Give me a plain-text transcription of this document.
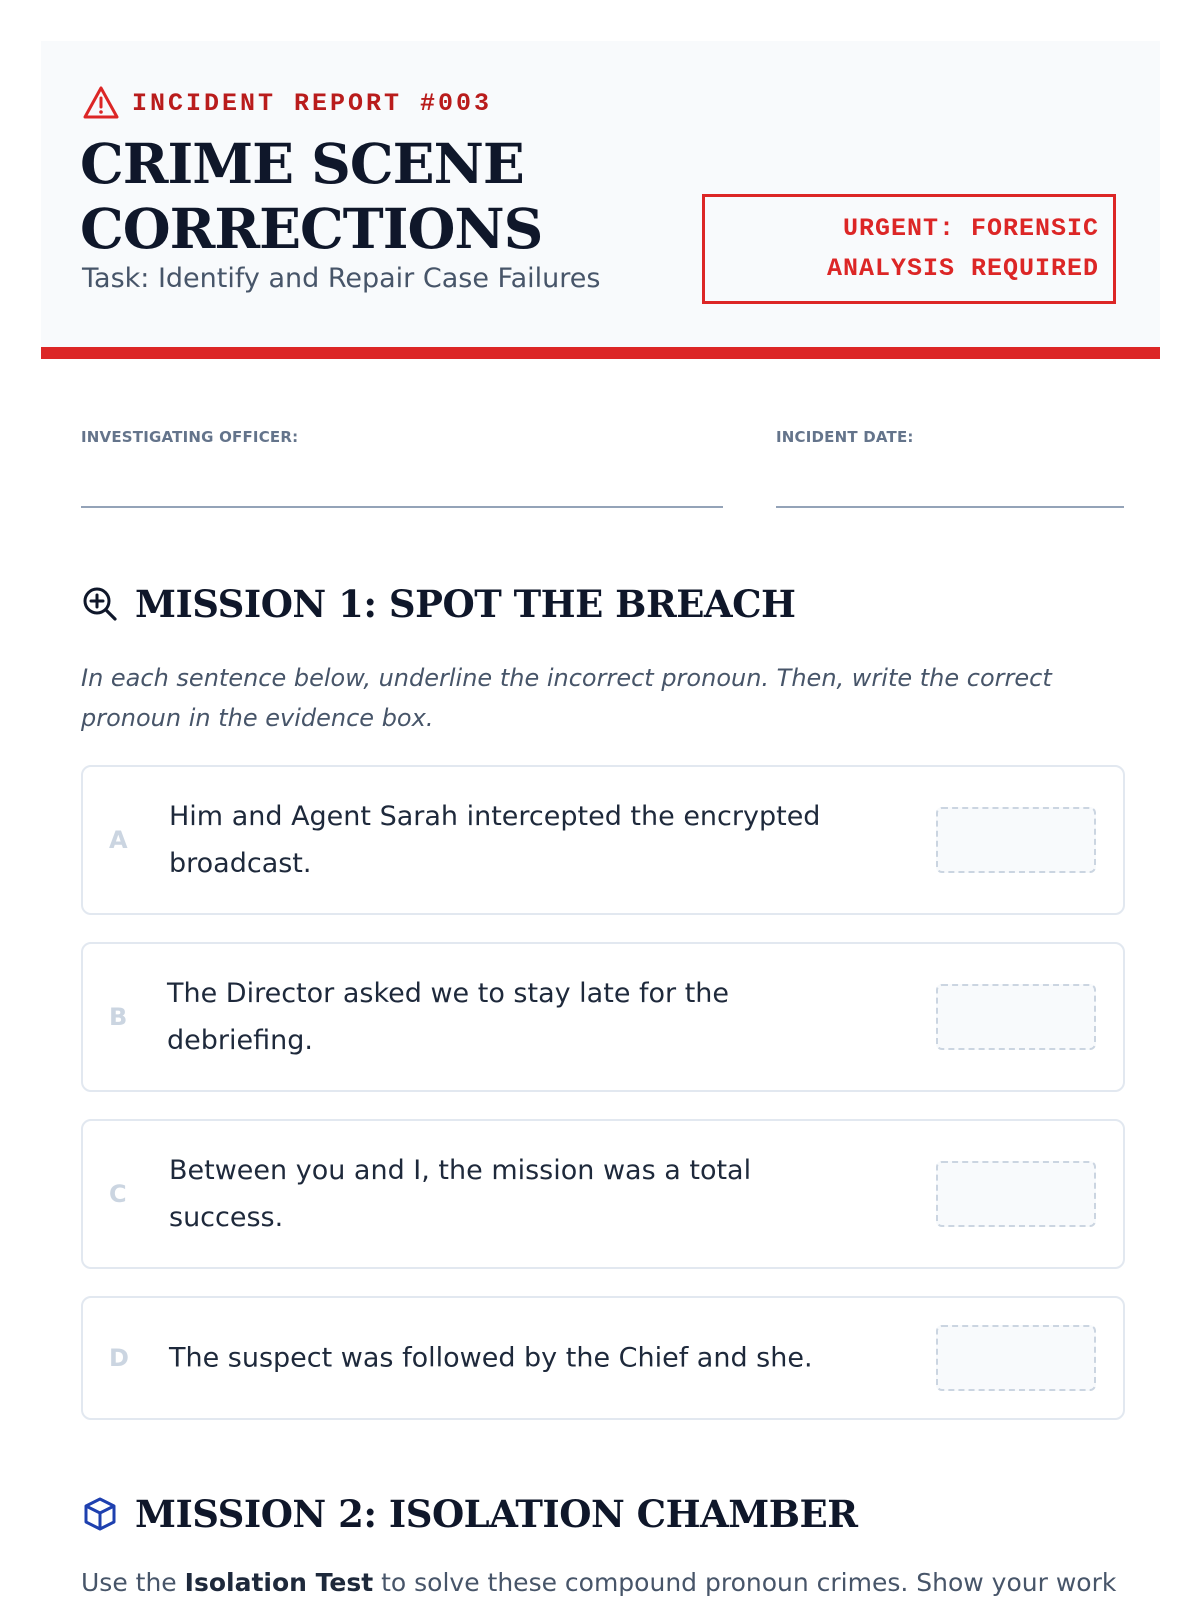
INCIDENT REPORT #003
CRIME SCENE
CORRECTIONS
Task: Identify and Repair Case Failures
URGENT: FORENSIC
ANALYSIS REQUIRED
INVESTIGATING OFFICER:	INCIDENT DATE:
MISSION 1: SPOT THE BREACH
In each sentence below, underline the incorrect pronoun. Then, write the correct pronoun in the evidence box.
A
Him and Agent Sarah intercepted the encrypted broadcast.
B
The Director asked we to stay late for the debriefing.
C
Between you and I, the mission was a total success.
D The suspect was followed by the Chief and she.
MISSION 2: ISOLATION CHAMBER
Use the Isolation Test to solve these compound pronoun crimes. Show your work
